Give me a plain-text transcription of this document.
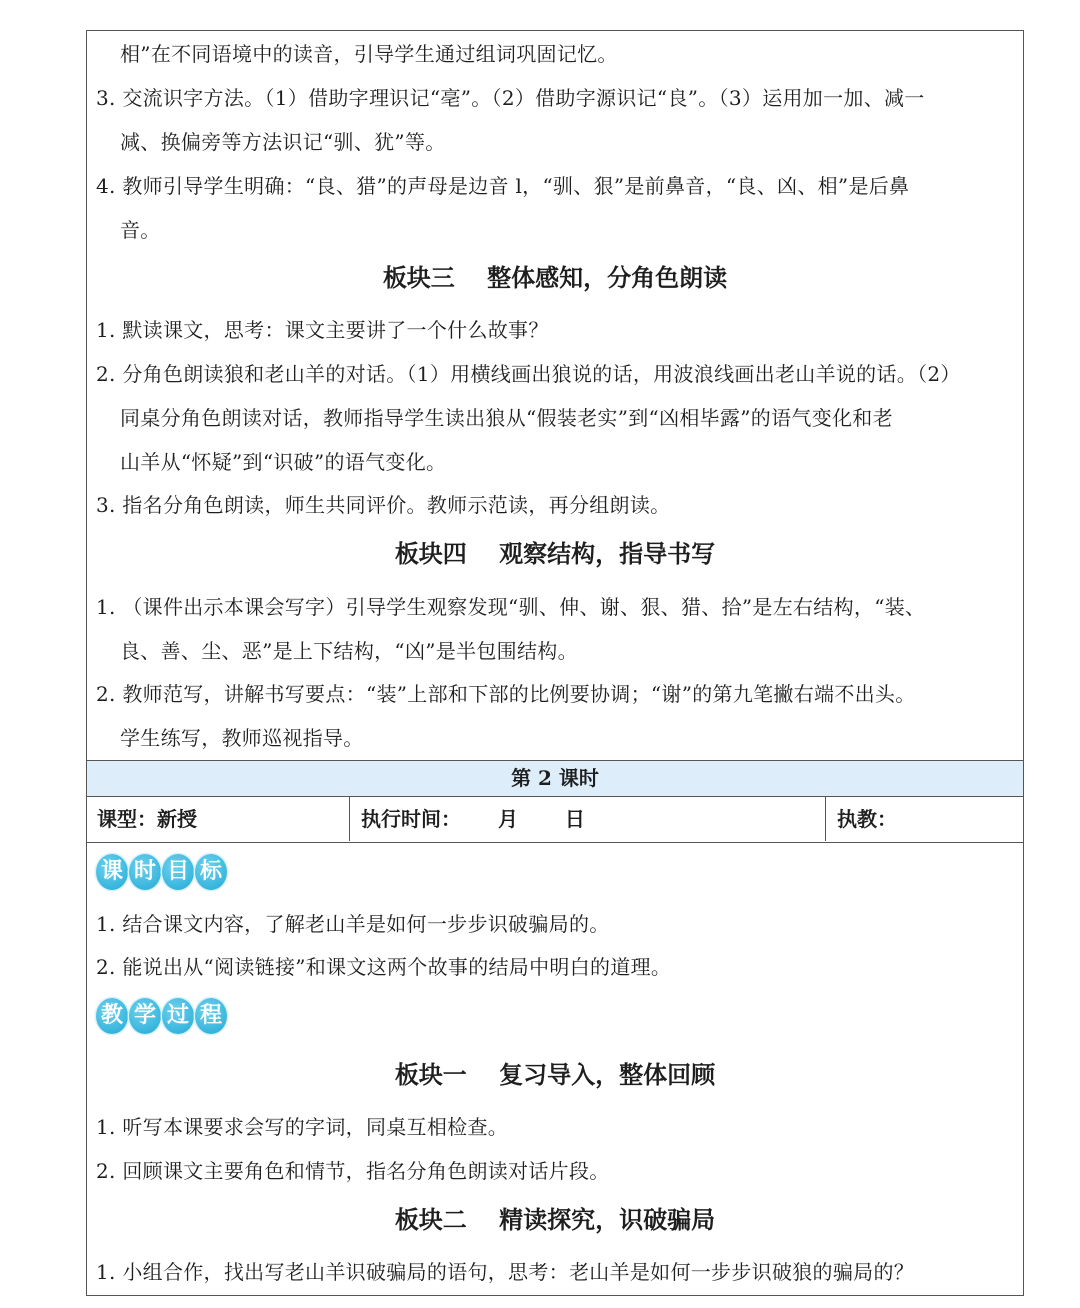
相”在不同语境中的读音，引导学生通过组词巩固记忆。
3. 交流识字方法。（1）借助字理识记“亳”。（2）借助字源识记“良”。（3）运用加一加、减一
减、换偏旁等方法识记“驯、犹”等。
4. 教师引导学生明确：“良、猎”的声母是边音 l，“驯、狠”是前鼻音，“良、凶、相”是后鼻
音。
板块三　 整体感知，分角色朗读
1. 默读课文，思考：课文主要讲了一个什么故事？
2. 分角色朗读狼和老山羊的对话。（1）用横线画出狼说的话，用波浪线画出老山羊说的话。（2）
同桌分角色朗读对话，教师指导学生读出狼从“假装老实”到“凶相毕露”的语气变化和老
山羊从“怀疑”到“识破”的语气变化。
3. 指名分角色朗读，师生共同评价。教师示范读，再分组朗读。
板块四　 观察结构，指导书写
1. （课件出示本课会写字）引导学生观察发现“驯、伸、谢、狠、猎、拾”是左右结构，“装、
良、善、尘、恶”是上下结构，“凶”是半包围结构。
2. 教师范写，讲解书写要点：“装”上部和下部的比例要协调；“谢”的第九笔撇右端不出头。
学生练写，教师巡视指导。
第 2 课时
课型：新授	执行时间：　　 月　　 日	执教：
课 时 目 标
1. 结合课文内容，了解老山羊是如何一步步识破骗局的。
2. 能说出从“阅读链接”和课文这两个故事的结局中明白的道理。
教 学 过 程
板块一　 复习导入，整体回顾
1. 听写本课要求会写的字词，同桌互相检查。
2. 回顾课文主要角色和情节，指名分角色朗读对话片段。
板块二　 精读探究，识破骗局
1. 小组合作，找出写老山羊识破骗局的语句，思考：老山羊是如何一步步识破狼的骗局的？
